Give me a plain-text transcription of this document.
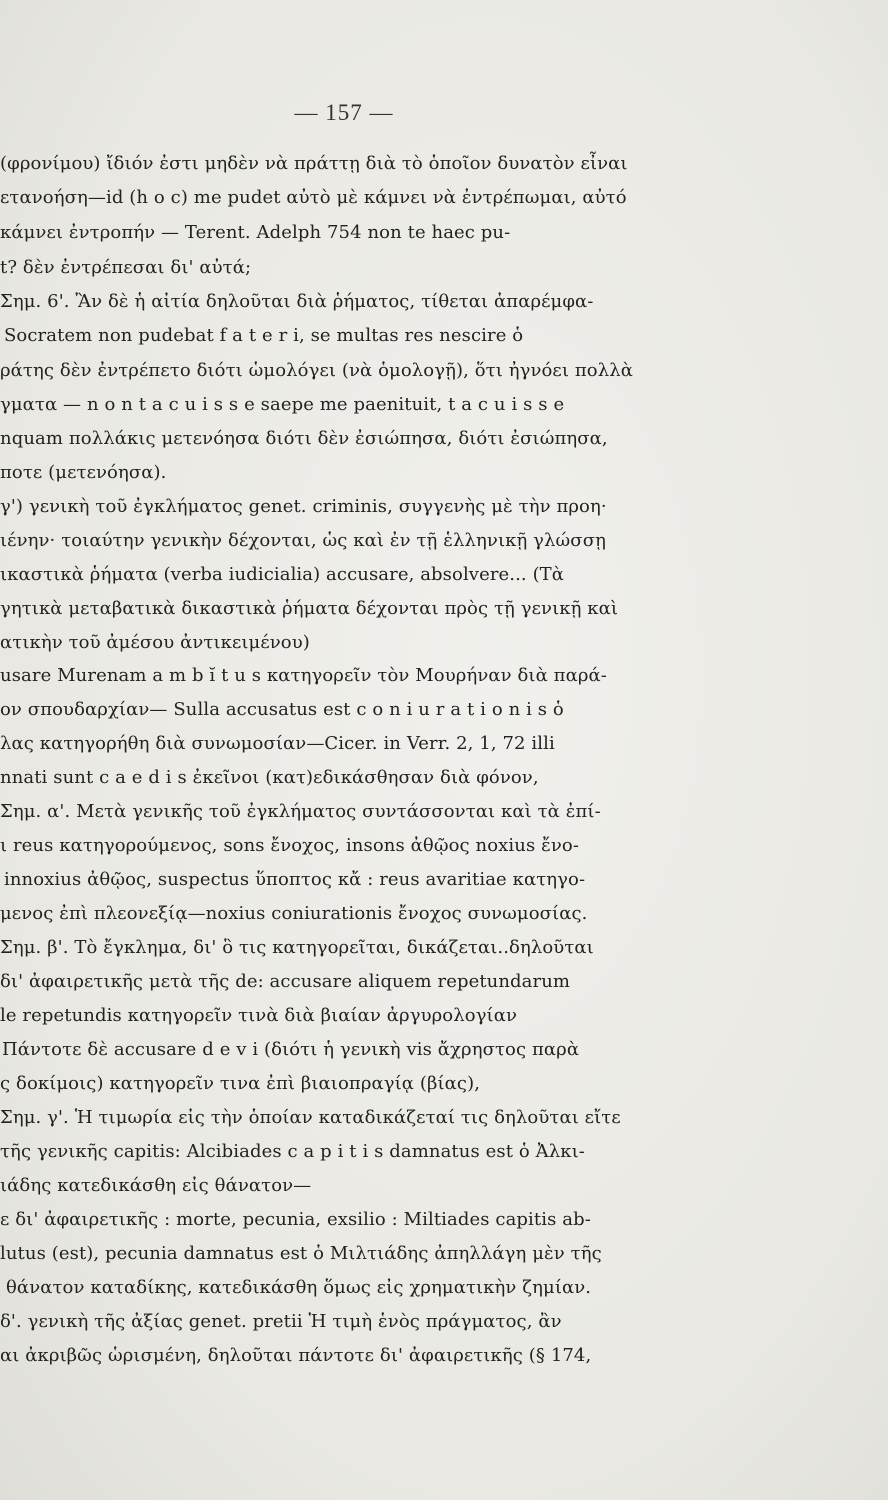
— 157 —
(φρονίμου) ἴδιόν ἐστι μηδὲν νὰ πράττῃ διὰ τὸ ὁποῖον δυνατὸν εἶναι
ετανοήση—id (h o c) me pudet αὐτὸ μὲ κάμνει νὰ ἐντρέπωμαι, αὐτό
κάμνει ἐντροπήν — Terent. Adelph 754 non te haec pu-
t? δὲν ἐντρέπεσαι δι' αὐτά;
Σημ. 6'. Ἂν δὲ ἡ αἰτία δηλοῦται διὰ ῥήματος, τίθεται ἀπαρέμφα-
Socratem non pudebat f a t e r i, se multas res nescire ὁ
ράτης δὲν ἐντρέπετο διότι ὡμολόγει (νὰ ὁμολογῇ), ὅτι ἠγνόει πολλὰ
γματα — n o n t a c u i s s e saepe me paenituit, t a c u i s s e
nquam πολλάκις μετενόησα διότι δὲν ἐσιώπησα, διότι ἐσιώπησα,
ποτε (μετενόησα).
γ') γενικὴ τοῦ ἐγκλήματος genet. criminis, συγγενὴς μὲ τὴν προη·
ιένην· τοιαύτην γενικὴν δέχονται, ὡς καὶ ἐν τῇ ἑλληνικῇ γλώσσῃ
ικαστικὰ ῥήματα (verba iudicialia) accusare, absolvere... (Τὰ
γητικὰ μεταβατικὰ δικαστικὰ ῥήματα δέχονται πρὸς τῇ γενικῇ καὶ
ατικὴν τοῦ ἀμέσου ἀντικειμένου)
usare Murenam a m b ĭ t u s κατηγορεῖν τὸν Μουρήναν διὰ παρά-
ον σπουδαρχίαν— Sulla accusatus est c o n i u r a t i o n i s ὁ
λας κατηγορήθη διὰ συνωμοσίαν—Cicer. in Verr. 2, 1, 72 illi
nnati sunt c a e d i s ἐκεῖνοι (κατ)εδικάσθησαν διὰ φόνον,
Σημ. α'. Μετὰ γενικῆς τοῦ ἐγκλήματος συντάσσονται καὶ τὰ ἐπί-
ι reus κατηγορούμενος, sons ἔνοχος, insons ἀθῷος noxius ἔνο-
innoxius ἀθῷος, suspectus ὕποπτος κἄ : reus avaritiae κατηγο-
μενος ἐπὶ πλεονεξίᾳ—noxius coniurationis ἔνοχος συνωμοσίας.
Σημ. β'. Τὸ ἔγκλημα, δι' ὃ τις κατηγορεῖται, δικάζεται..δηλοῦται
δι' ἀφαιρετικῆς μετὰ τῆς de: accusare aliquem repetundarum
le repetundis κατηγορεῖν τινὰ διὰ βιαίαν ἀργυρολογίαν
Πάντοτε δὲ accusare d e v i (διότι ἡ γενικὴ vis ἄχρηστος παρὰ
ς δοκίμοις) κατηγορεῖν τινα ἐπὶ βιαιοπραγίᾳ (βίας),
Σημ. γ'. Ἡ τιμωρία εἰς τὴν ὁποίαν καταδικάζεταί τις δηλοῦται εἴτε
τῆς γενικῆς capitis: Alcibiades c a p i t i s damnatus est ὁ Ἀλκι-
ιάδης κατεδικάσθη εἰς θάνατον—
ε δι' ἀφαιρετικῆς : morte, pecunia, exsilio : Miltiades capitis ab-
lutus (est), pecunia damnatus est ὁ Μιλτιάδης ἀπηλλάγη μὲν τῆς
θάνατον καταδίκης, κατεδικάσθη ὅμως εἰς χρηματικὴν ζημίαν.
δ'. γενικὴ τῆς ἀξίας genet. pretii Ἡ τιμὴ ἑνὸς πράγματος, ἂν
αι ἀκριβῶς ὡρισμένη, δηλοῦται πάντοτε δι' ἀφαιρετικῆς (§ 174,
